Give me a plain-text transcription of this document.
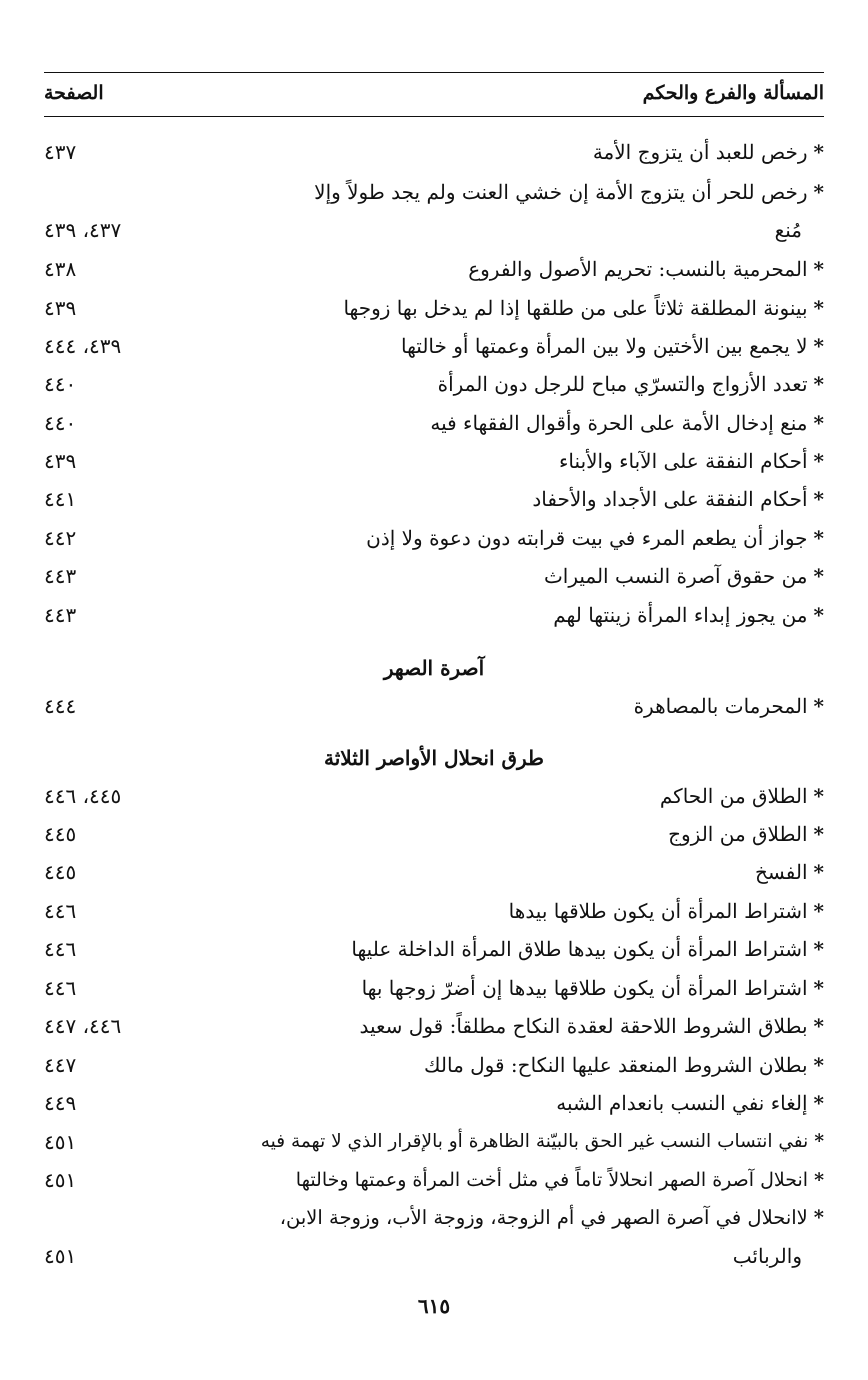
المسألة والفرع والحكم
الصفحة
*رخص للعبد أن يتزوج الأمة
٤٣٧
*رخص للحر أن يتزوج الأمة إن خشي العنت ولم يجد طولاً وإلا
مُنع
٤٣٧، ٤٣٩
*المحرمية بالنسب: تحريم الأصول والفروع
٤٣٨
*بينونة المطلقة ثلاثاً على من طلقها إذا لم يدخل بها زوجها
٤٣٩
*لا يجمع بين الأختين ولا بين المرأة وعمتها أو خالتها
٤٣٩، ٤٤٤
*تعدد الأزواج والتسرّي مباح للرجل دون المرأة
٤٤٠
*منع إدخال الأمة على الحرة وأقوال الفقهاء فيه
٤٤٠
*أحكام النفقة على الآباء والأبناء
٤٣٩
*أحكام النفقة على الأجداد والأحفاد
٤٤١
*جواز أن يطعم المرء في بيت قرابته دون دعوة ولا إذن
٤٤٢
*من حقوق آصرة النسب الميراث
٤٤٣
*من يجوز إبداء المرأة زينتها لهم
٤٤٣
آصرة الصهر
*المحرمات بالمصاهرة
٤٤٤
طرق انحلال الأواصر الثلاثة
*الطلاق من الحاكم
٤٤٥، ٤٤٦
*الطلاق من الزوج
٤٤٥
*الفسخ
٤٤٥
*اشتراط المرأة أن يكون طلاقها بيدها
٤٤٦
*اشتراط المرأة أن يكون بيدها طلاق المرأة الداخلة عليها
٤٤٦
*اشتراط المرأة أن يكون طلاقها بيدها إن أضرّ زوجها بها
٤٤٦
*بطلاق الشروط اللاحقة لعقدة النكاح مطلقاً: قول سعيد
٤٤٦، ٤٤٧
*بطلان الشروط المنعقد عليها النكاح: قول مالك
٤٤٧
*إلغاء نفي النسب بانعدام الشبه
٤٤٩
*نفي انتساب النسب غير الحق بالبيّنة الظاهرة أو بالإقرار الذي لا تهمة فيه
٤٥١
*انحلال آصرة الصهر انحلالاً تاماً في مثل أخت المرأة وعمتها وخالتها
٤٥١
*لاانحلال في آصرة الصهر في أم الزوجة، وزوجة الأب، وزوجة الابن،
والربائب
٤٥١
٦١٥
